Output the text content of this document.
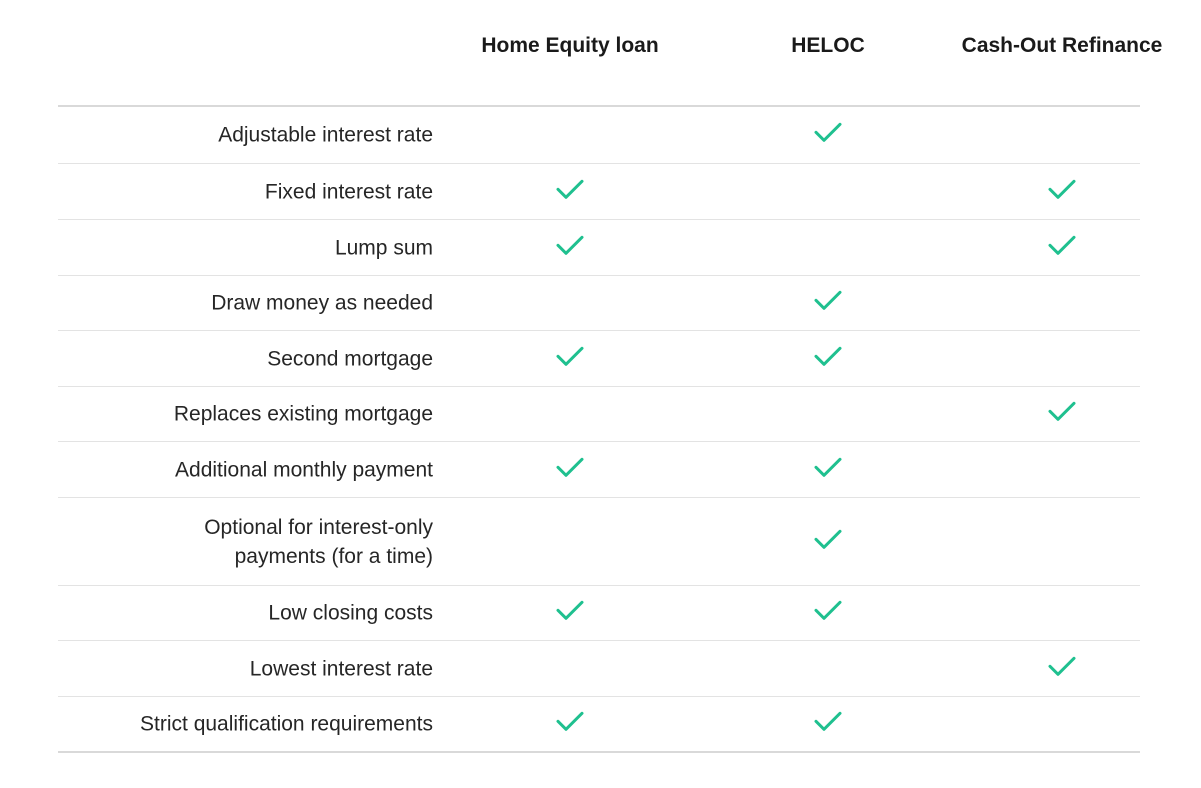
Home Equity loan	HELOC	Cash-Out Refinance
Adjustable interest rate
Fixed interest rate
Lump sum
Draw money as needed
Second mortgage
Replaces existing mortgage
Additional monthly payment
Optional for interest-only
payments (for a time)
Low closing costs
Lowest interest rate
Strict qualification requirements
